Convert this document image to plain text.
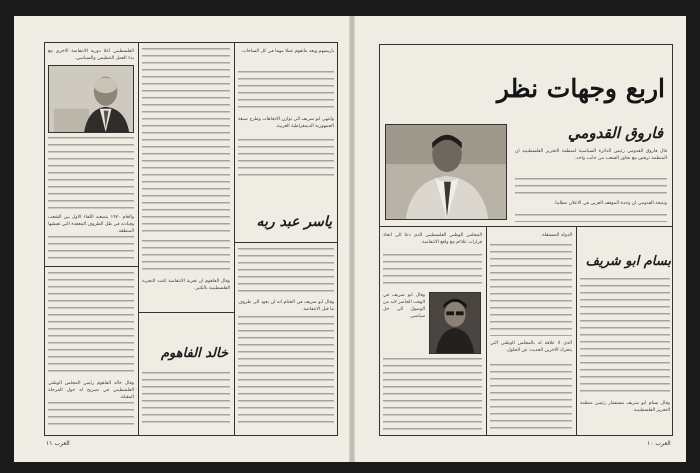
باريسهم وبعد ماتقوم عملا مهما في كل الساحات.
وانتهى ابو شريف الى توازن الاتجاهات وطرح صيغة الجمهورية الديمقراطية العربية.
ياسر عبد ربه
وقال ابو شريف في الختام انه لن يعود الى ظروف ما قبل الانتفاضة.
وقال الفاهوم ان تجربة الانتفاضة اغنت التجربة الفلسطينية بالكثير.
خالد الفاهوم
الفلسطيني أعلا دورية الانتفاضة الاخرى مع بدء العمل التنظيمي والسياسي.
والعام ١٩٧٠ بتصعيد اللقاء الاول بين الشعب وقيادته في ظل الظروف المعقدة التي تعيشها المنطقة.
وقال خالد الفاهوم رئيس المجلس الوطني الفلسطيني في تصريح له حول المرحلة المقبلة.
العرب ١١
اربع وجهات نظر
فاروق القدومي
قال فاروق القدومي رئيس الدائرة السياسية لمنظمة التحرير الفلسطينية ان المنظمة ترفض مع تجاوز الشعب من جانب واحد.
ونتيجة القدومي ان وحدة الموقف العربي في الاعلان مطلبنا.
بسام ابو شريف
وقال بسام ابو شريف مستشار رئيس منظمة التحرير الفلسطينية.
الدولة المستقلة.
الذي لا علاقة له بالمجلس الوطني التي يتحرك الاخرين الحديث عن الحلول.
المجلس الوطني الفلسطيني الذي دعا الى اتخاذ قرارات تتلاءم مع واقع الانتفاضة.
وقال ابو شريف في الوقت الحاضر لابد من الوصول الى حل سياسي.
العرب ١٠
